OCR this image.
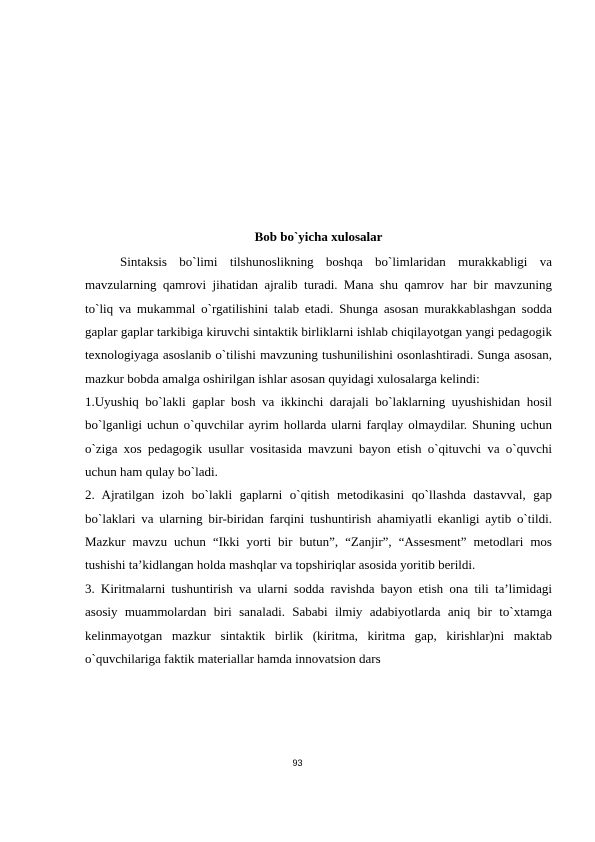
Bob bo`yicha xulosalar

Sintaksis bo`limi tilshunoslikning boshqa bo`limlaridan murakkabligi va mavzularning qamrovi jihatidan ajralib turadi. Mana shu qamrov har bir mavzuning to`liq va mukammal o`rgatilishini talab etadi. Shunga asosan murakkablashgan sodda gaplar gaplar tarkibiga kiruvchi sintaktik birliklarni ishlab chiqilayotgan yangi pedagogik texnologiyaga asoslanib o`tilishi mavzuning tushunilishini osonlashtiradi. Sunga asosan, mazkur bobda amalga oshirilgan ishlar asosan quyidagi xulosalarga kelindi:

1.Uyushiq bo`lakli gaplar bosh va ikkinchi darajali bo`laklarning uyushishidan hosil bo`lganligi uchun o`quvchilar ayrim hollarda ularni farqlay olmaydilar. Shuning uchun o`ziga xos pedagogik usullar vositasida mavzuni bayon etish o`qituvchi va o`quvchi uchun ham qulay bo`ladi.

2. Ajratilgan izoh bo`lakli gaplarni o`qitish metodikasini qo`llashda dastavval, gap bo`laklari va ularning bir-biridan farqini tushuntirish ahamiyatli ekanligi aytib o`tildi. Mazkur mavzu uchun “Ikki yorti bir butun”, “Zanjir”, “Assesment” metodlari mos tushishi ta’kidlangan holda mashqlar va topshiriqlar asosida yoritib berildi.

3. Kiritmalarni tushuntirish va ularni sodda ravishda bayon etish ona tili ta’limidagi asosiy muammolardan biri sanaladi. Sababi ilmiy adabiyotlarda aniq bir to`xtamga kelinmayotgan mazkur sintaktik birlik (kiritma, kiritma gap, kirishlar)ni maktab o`quvchilariga faktik materiallar hamda innovatsion dars

93
